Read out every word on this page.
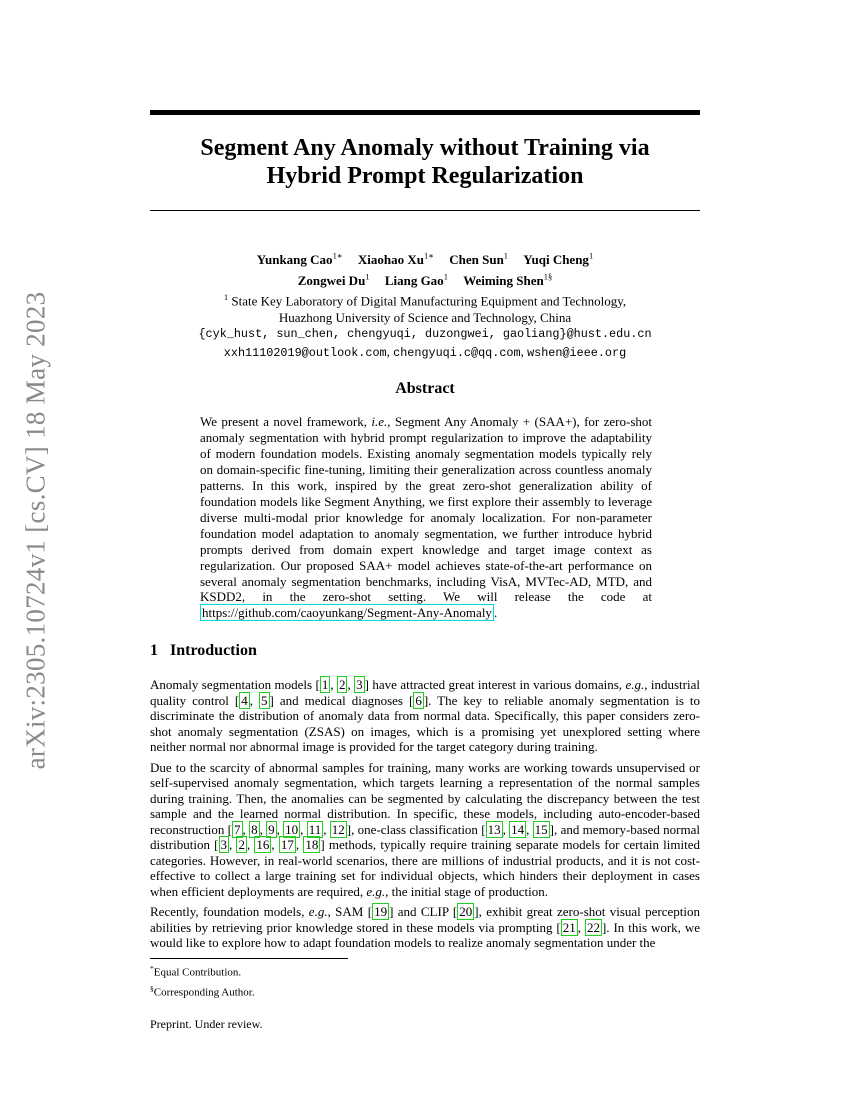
arXiv:2305.10724v1 [cs.CV] 18 May 2023
Segment Any Anomaly without Training via
Hybrid Prompt Regularization
Yunkang Cao$^{1∗}$ Xiaohao $Xu^{1∗}$ Chen Sun$^1$ Yuqi Cheng$^1$
Zongwei Du$^1$ Liang Gao$^1$ Weiming Shen$^{1\S}$
$^1$ State Key Laboratory of Digital Manufacturing Equipment and Technology,
Huazhong University of Science and Technology, China
{cyk_hust, sun_chen, chengyuqi, duzongwei, gaoliang}@hust.edu.cn
xxh11102019@outlook.com, chengyuqi.c@qq.com, wshen@ieee.org
Abstract

We present a novel framework, i.e., Segment Any Anomaly + (SAA+), for zero-shot anomaly segmentation with hybrid prompt regularization to improve the adaptability of modern foundation models. Existing anomaly segmentation models typically rely on domain-specific fine-tuning, limiting their generalization across countless anomaly patterns. In this work, inspired by the great zero-shot generalization ability of foundation models like Segment Anything, we first explore their assembly to leverage diverse multi-modal prior knowledge for anomaly localization. For non-parameter foundation model adaptation to anomaly segmentation, we further introduce hybrid prompts derived from domain expert knowledge and target image context as regularization. Our proposed SAA+ model achieves state-of-the-art performance on several anomaly segmentation benchmarks, including VisA, MVTec-AD, MTD, and KSDD2, in the zero-shot setting. We will release the code at https://github.com/caoyunkang/Segment-Any-Anomaly .

1 Introduction

Anomaly segmentation models [ 1 , 2 , 3 ] have attracted great interest in various domains, e.g., industrial quality control [ 4 , 5 ] and medical diagnoses [ 6 ]. The key to reliable anomaly segmentation is to discriminate the distribution of anomaly data from normal data. Specifically, this paper considers zero-shot anomaly segmentation (ZSAS) on images, which is a promising yet unexplored setting where neither normal nor abnormal image is provided for the target category during training.

Due to the scarcity of abnormal samples for training, many works are working towards unsupervised or self-supervised anomaly segmentation, which targets learning a representation of the normal samples during training. Then, the anomalies can be segmented by calculating the discrepancy between the test sample and the learned normal distribution. In specific, these models, including auto-encoder-based reconstruction [ 7 , 8 , 9 , 10 , 11 , 12 ], one-class classification [ 13 , 14 , 15 ], and memory-based normal distribution [ 3 , 2 , 16 , 17 , 18 ] methods, typically require training separate models for certain limited categories. However, in real-world scenarios, there are millions of industrial products, and it is not cost-effective to collect a large training set for individual objects, which hinders their deployment in cases when efficient deployments are required, e.g., the initial stage of production.

Recently, foundation models, e.g., SAM [ 19 ] and CLIP [ 20 ], exhibit great zero-shot visual perception abilities by retrieving prior knowledge stored in these models via prompting [ 21 , 22 ]. In this work, we would like to explore how to adapt foundation models to realize anomaly segmentation under the

*Equal Contribution.
§Corresponding Author.
Preprint. Under review.
